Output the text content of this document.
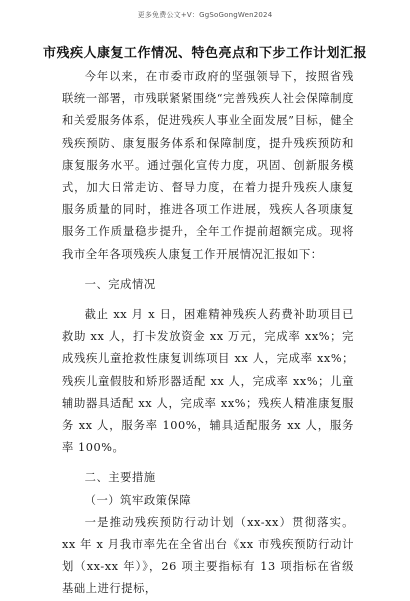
更多免费公文+V：GgSoGongWen2024
市残疾人康复工作情况、特色亮点和下步工作计划汇报

今年以来，在市委市政府的坚强领导下，按照省残联统一部署，市残联紧紧围绕“完善残疾人社会保障制度和关爱服务体系，促进残疾人事业全面发展”目标，健全残疾预防、康复服务体系和保障制度，提升残疾预防和康复服务水平。通过强化宣传力度，巩固、创新服务模式，加大日常走访、督导力度，在着力提升残疾人康复服务质量的同时，推进各项工作进展，残疾人各项康复服务工作质量稳步提升，全年工作提前超额完成。现将我市全年各项残疾人康复工作开展情况汇报如下：

一、完成情况

截止 xx 月 x 日，困难精神残疾人药费补助项目已救助 xx 人，打卡发放资金 xx 万元，完成率 xx%；完成残疾儿童抢救性康复训练项目 xx 人，完成率 xx%；残疾儿童假肢和矫形器适配 xx 人，完成率 xx%；儿童辅助器具适配 xx 人，完成率 xx%；残疾人精准康复服务 xx 人，服务率 100%，辅具适配服务 xx 人，服务率 100%。

二、主要措施

（一）筑牢政策保障

一是推动残疾预防行动计划（xx-xx）贯彻落实。xx 年 x 月我市率先在全省出台《xx 市残疾预防行动计划（xx-xx 年）》，26 项主要指标有 13 项指标在省级基础上进行提标，
